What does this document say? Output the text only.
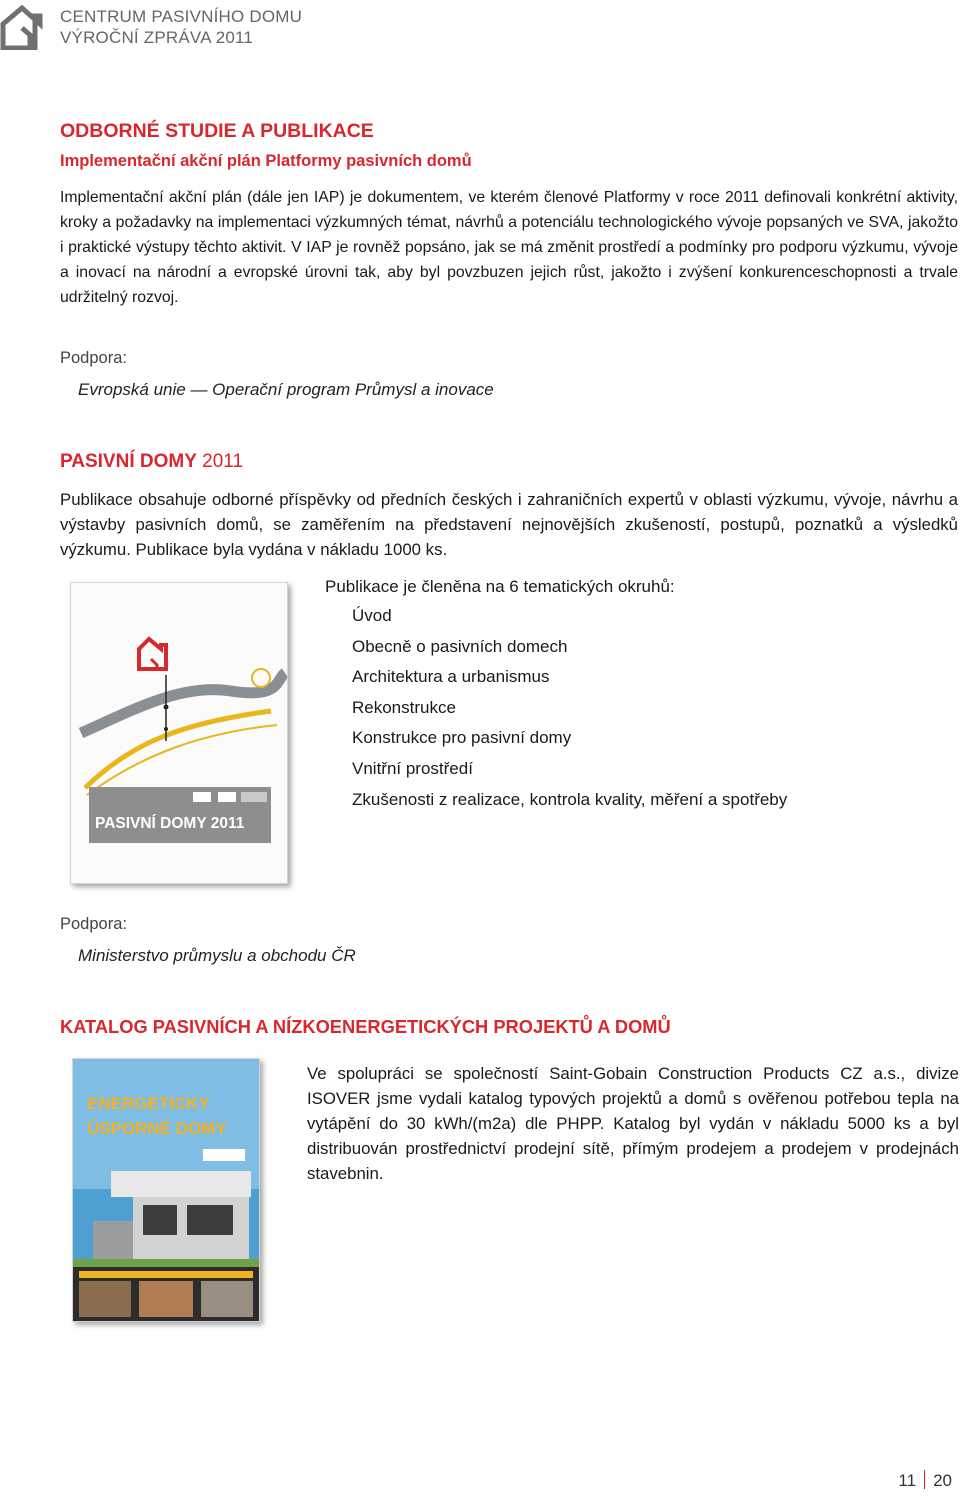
CENTRUM PASIVNÍHO DOMU
VÝROČNÍ ZPRÁVA 2011
ODBORNÉ STUDIE A PUBLIKACE
Implementační akční plán Platformy pasivních domů

Implementační akční plán (dále jen IAP) je dokumentem, ve kterém členové Platformy v roce 2011 definovali konkrétní aktivity, kroky a požadavky na implementaci výzkumných témat, návrhů a potenciálu technologického vývoje popsaných ve SVA, jakožto i praktické výstupy těchto aktivit. V IAP je rovněž popsáno, jak se má změnit prostředí a podmínky pro podporu výzkumu, vývoje a inovací na národní a evropské úrovni tak, aby byl povzbuzen jejich růst, jakožto i zvýšení konkurenceschopnosti a trvale udržitelný rozvoj.

Podpora:
Evropská unie — Operační program Průmysl a inovace
PASIVNÍ DOMY 2011

Publikace obsahuje odborné příspěvky od předních českých i zahraničních expertů v oblasti výzkumu, vývoje, návrhu a výstavby pasivních domů, se zaměřením na představení nejnovějších zkušeností, postupů, poznatků a výsledků výzkumu. Publikace byla vydána v nákladu 1000 ks.

PASIVNÍ DOMY 2011
Publikace je členěna na 6 tematických okruhů:
Úvod
Obecně o pasivních domech
Architektura a urbanismus
Rekonstrukce
Konstrukce pro pasivní domy
Vnitřní prostředí
Zkušenosti z realizace, kontrola kvality, měření a spotřeby
Podpora:
Ministerstvo průmyslu a obchodu ČR
KATALOG PASIVNÍCH A NÍZKOENERGETICKÝCH PROJEKTŮ A DOMŮ
ENERGETICKY
ÚSPORNÉ DOMY

Ve spolupráci se společností Saint-Gobain Construction Products CZ a.s., divize ISOVER jsme vydali katalog typových projektů a domů s ověřenou potřebou tepla na vytápění do 30 kWh/(m2a) dle PHPP. Katalog byl vydán v nákladu 5000 ks a byl distribuován prostřednictví prodejní sítě, přímým prodejem a prodejem v prodejnách stavebnin.

11 20
